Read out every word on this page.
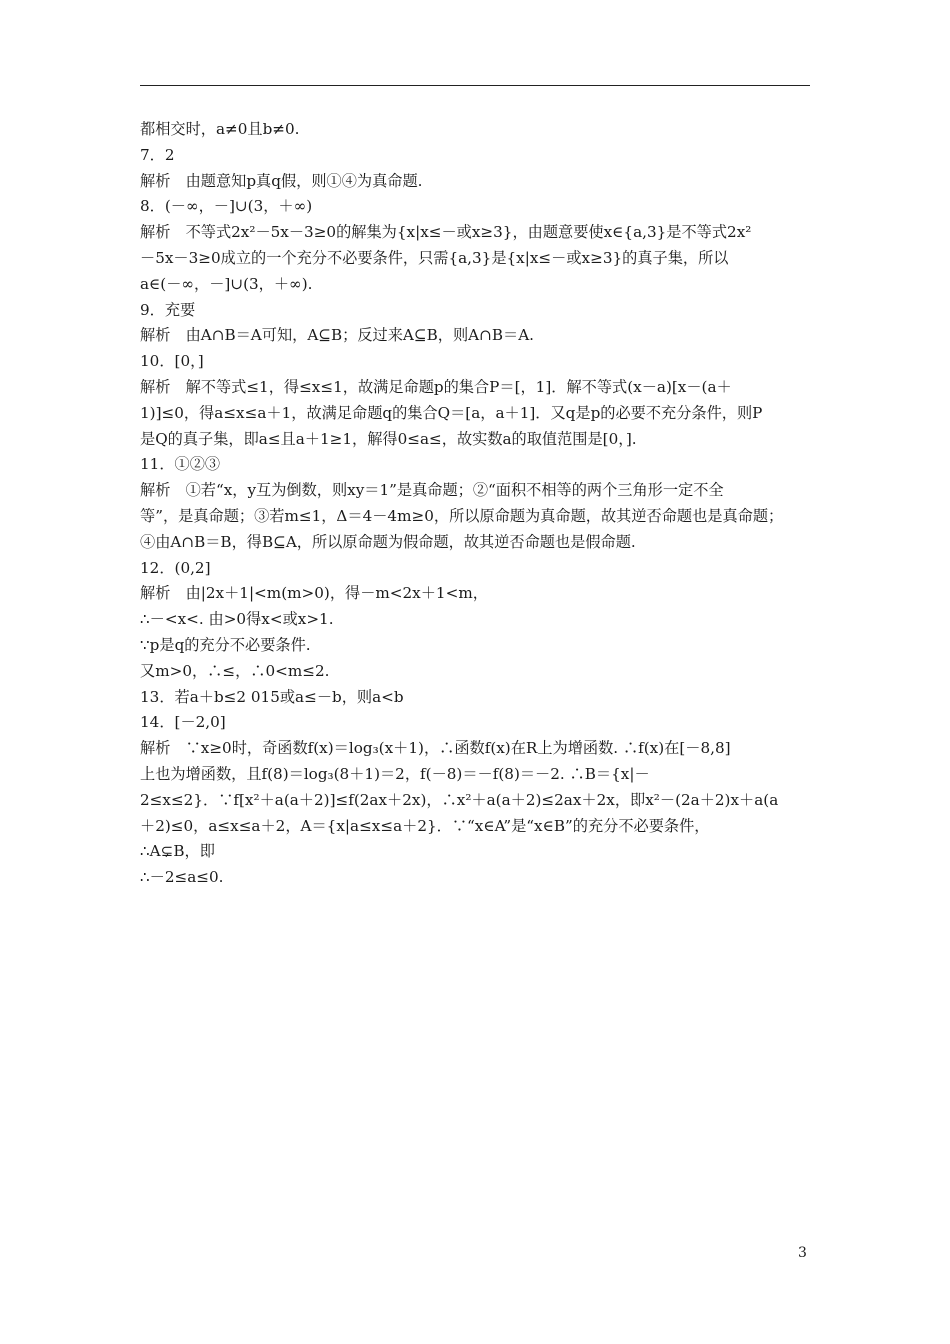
都相交时，a≠0且b≠0.
7．2
解析　由题意知p真q假，则①④为真命题.
8．(－∞，－]∪(3，＋∞)
解析　不等式2x²－5x－3≥0的解集为{x|x≤－或x≥3}，由题意要使x∈{a,3}是不等式2x²
－5x－3≥0成立的一个充分不必要条件，只需{a,3}是{x|x≤－或x≥3}的真子集，所以
a∈(－∞，－]∪(3，＋∞).
9．充要
解析　由A∩B＝A可知，A⊆B；反过来A⊆B，则A∩B＝A.
10．[0，]
解析　解不等式≤1，得≤x≤1，故满足命题p的集合P＝[，1]．解不等式(x－a)[x－(a＋
1)]≤0，得a≤x≤a＋1，故满足命题q的集合Q＝[a，a＋1]．又q是p的必要不充分条件，则P
是Q的真子集，即a≤且a＋1≥1，解得0≤a≤，故实数a的取值范围是[0，].
11．①②③
解析　①若“x，y互为倒数，则xy＝1”是真命题；②“面积不相等的两个三角形一定不全
等”，是真命题；③若m≤1，Δ＝4－4m≥0，所以原命题为真命题，故其逆否命题也是真命题；
④由A∩B＝B，得B⊆A，所以原命题为假命题，故其逆否命题也是假命题.
12．(0,2]
解析　由|2x＋1|<m(m>0)，得－m<2x＋1<m，
∴－<x<. 由>0得x<或x>1.
∵p是q的充分不必要条件.
又m>0，∴≤，∴0<m≤2.
13．若a＋b≤2 015或a≤－b，则a<b
14．[－2,0]
解析　∵x≥0时，奇函数f(x)＝log₃(x＋1)，∴函数f(x)在R上为增函数. ∴f(x)在[－8,8]
上也为增函数，且f(8)＝log₃(8＋1)＝2，f(－8)＝－f(8)＝－2. ∴B＝{x|－
2≤x≤2}．∵f[x²＋a(a＋2)]≤f(2ax＋2x)，∴x²＋a(a＋2)≤2ax＋2x，即x²－(2a＋2)x＋a(a
＋2)≤0，a≤x≤a＋2，A＝{x|a≤x≤a＋2}．∵“x∈A”是“x∈B”的充分不必要条件，
∴A⊊B，即
∴－2≤a≤0.
3
